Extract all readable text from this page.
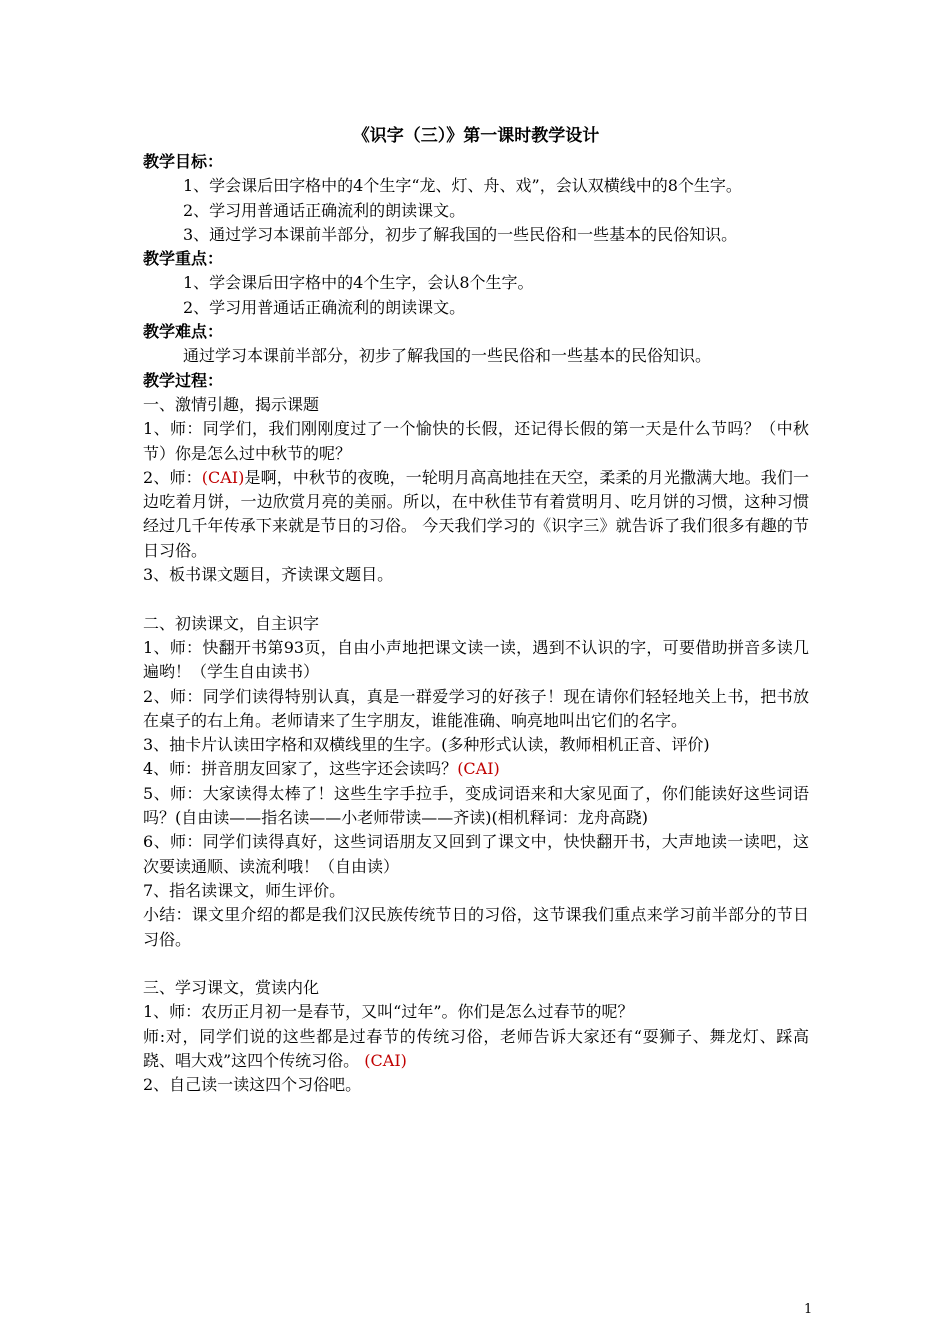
《识字（三）》第一课时教学设计
教学目标：
1、学会课后田字格中的4个生字“龙、灯、舟、戏”，会认双横线中的8个生字。
2、学习用普通话正确流利的朗读课文。
3、通过学习本课前半部分，初步了解我国的一些民俗和一些基本的民俗知识。
教学重点：
1、学会课后田字格中的4个生字，会认8个生字。
2、学习用普通话正确流利的朗读课文。
教学难点：
通过学习本课前半部分，初步了解我国的一些民俗和一些基本的民俗知识。
教学过程：
一、激情引趣，揭示课题
1、师：同学们，我们刚刚度过了一个愉快的长假，还记得长假的第一天是什么节吗？（中秋节）你是怎么过中秋节的呢？
2、师：(CAI)是啊，中秋节的夜晚，一轮明月高高地挂在天空，柔柔的月光撒满大地。我们一边吃着月饼，一边欣赏月亮的美丽。所以，在中秋佳节有着赏明月、吃月饼的习惯，这种习惯经过几千年传承下来就是节日的习俗。 今天我们学习的《识字三》就告诉了我们很多有趣的节日习俗。
3、板书课文题目，齐读课文题目。
二、初读课文，自主识字
1、师：快翻开书第93页，自由小声地把课文读一读，遇到不认识的字，可要借助拼音多读几遍哟！（学生自由读书）
2、师：同学们读得特别认真，真是一群爱学习的好孩子！现在请你们轻轻地关上书，把书放在桌子的右上角。老师请来了生字朋友，谁能准确、响亮地叫出它们的名字。
3、抽卡片认读田字格和双横线里的生字。(多种形式认读，教师相机正音、评价)
4、师：拼音朋友回家了，这些字还会读吗？(CAI)
5、师：大家读得太棒了！这些生字手拉手，变成词语来和大家见面了，你们能读好这些词语吗？(自由读——指名读——小老师带读——齐读)(相机释词：龙舟高跷)
6、师：同学们读得真好，这些词语朋友又回到了课文中，快快翻开书，大声地读一读吧，这次要读通顺、读流利哦！（自由读）
7、指名读课文，师生评价。
小结：课文里介绍的都是我们汉民族传统节日的习俗，这节课我们重点来学习前半部分的节日习俗。
三、学习课文，赏读内化
1、师：农历正月初一是春节，又叫“过年”。你们是怎么过春节的呢？
师:对，同学们说的这些都是过春节的传统习俗，老师告诉大家还有“耍狮子、舞龙灯、踩高跷、唱大戏”这四个传统习俗。 (CAI)
2、自己读一读这四个习俗吧。
1
